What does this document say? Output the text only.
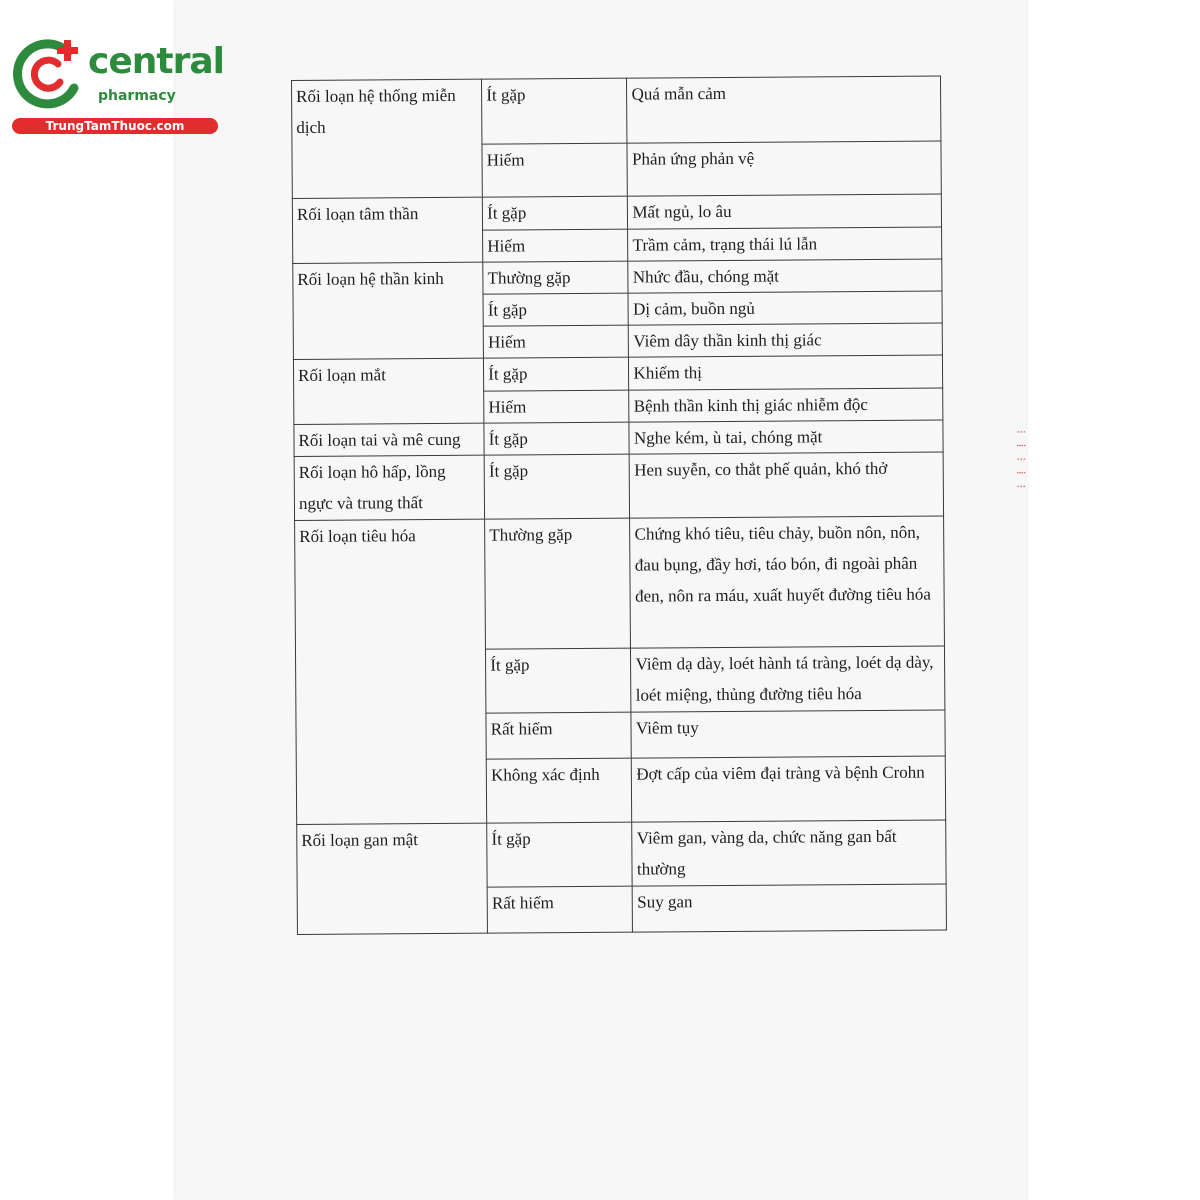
central
pharmacy
TrungTamThuoc.com
Rối loạn hệ thống miễn dịch	Ít gặp	Quá mẫn cảm
	Hiếm	Phản ứng phản vệ
Rối loạn tâm thần	Ít gặp	Mất ngủ, lo âu
	Hiếm	Trầm cảm, trạng thái lú lẫn
Rối loạn hệ thần kinh	Thường gặp	Nhức đầu, chóng mặt
	Ít gặp	Dị cảm, buồn ngủ
	Hiếm	Viêm dây thần kinh thị giác
Rối loạn mắt	Ít gặp	Khiếm thị
	Hiếm	Bệnh thần kinh thị giác nhiễm độc
Rối loạn tai và mê cung	Ít gặp	Nghe kém, ù tai, chóng mặt
Rối loạn hô hấp, lồng ngực và trung thất	Ít gặp	Hen suyễn, co thắt phế quản, khó thở
Rối loạn tiêu hóa	Thường gặp	Chứng khó tiêu, tiêu chảy, buồn nôn, nôn, đau bụng, đầy hơi, táo bón, đi ngoài phân đen, nôn ra máu, xuất huyết đường tiêu hóa
	Ít gặp	Viêm dạ dày, loét hành tá tràng, loét dạ dày, loét miệng, thủng đường tiêu hóa
	Rất hiếm	Viêm tụy
	Không xác định	Đợt cấp của viêm đại tràng và bệnh Crohn
Rối loạn gan mật	Ít gặp	Viêm gan, vàng da, chức năng gan bất thường
	Rất hiếm	Suy gan
⁝ ⁞ ⁝ ⁞ ⁝
